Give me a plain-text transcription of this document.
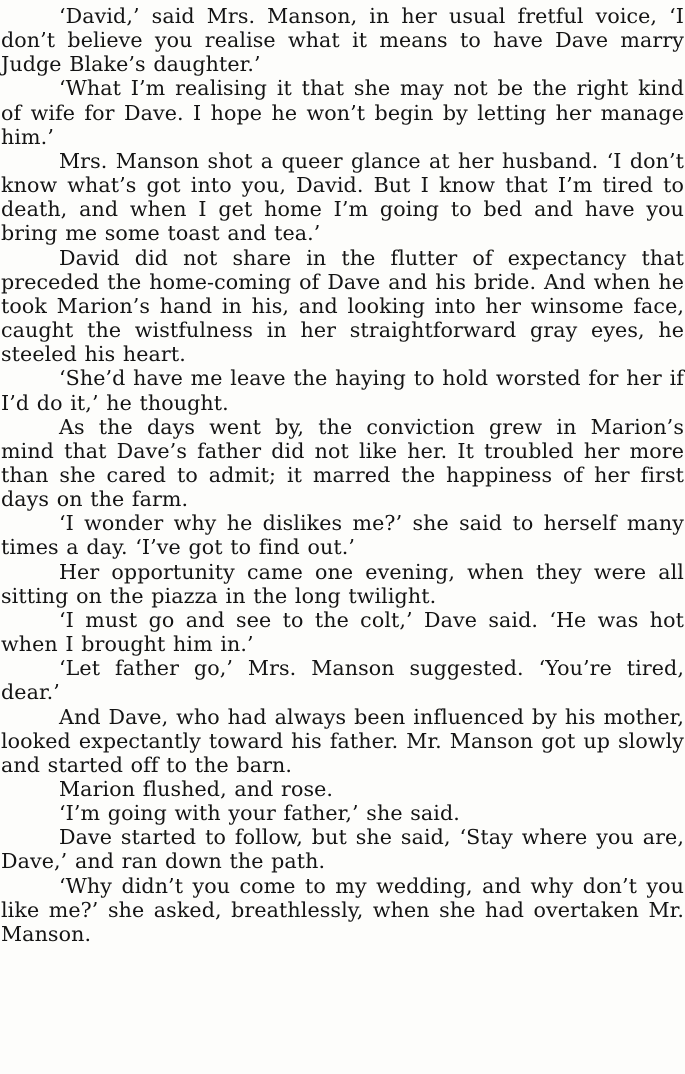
‘David,’ said Mrs. Manson, in her usual fretful voice, ‘I don’t believe you realise what it means to have Dave marry Judge Blake’s daughter.’

‘What I’m realising it that she may not be the right kind of wife for Dave. I hope he won’t begin by letting her manage him.’

Mrs. Manson shot a queer glance at her husband. ‘I don’t know what’s got into you, David. But I know that I’m tired to death, and when I get home I’m going to bed and have you bring me some toast and tea.’

David did not share in the flutter of expectancy that preceded the home-coming of Dave and his bride. And when he took Marion’s hand in his, and looking into her winsome face, caught the wistfulness in her straightforward gray eyes, he steeled his heart.

‘She’d have me leave the haying to hold worsted for her if I’d do it,’ he thought.

As the days went by, the conviction grew in Marion’s mind that Dave’s father did not like her. It troubled her more than she cared to admit; it marred the happiness of her first days on the farm.

‘I wonder why he dislikes me?’ she said to herself many times a day. ‘I’ve got to find out.’

Her opportunity came one evening, when they were all sitting on the piazza in the long twilight.

‘I must go and see to the colt,’ Dave said. ‘He was hot when I brought him in.’

‘Let father go,’ Mrs. Manson suggested. ‘You’re tired, dear.’

And Dave, who had always been influenced by his mother, looked expectantly toward his father. Mr. Manson got up slowly and started off to the barn.

Marion flushed, and rose.

‘I’m going with your father,’ she said.

Dave started to follow, but she said, ‘Stay where you are, Dave,’ and ran down the path.

‘Why didn’t you come to my wedding, and why don’t you like me?’ she asked, breathlessly, when she had overtaken Mr. Manson.
